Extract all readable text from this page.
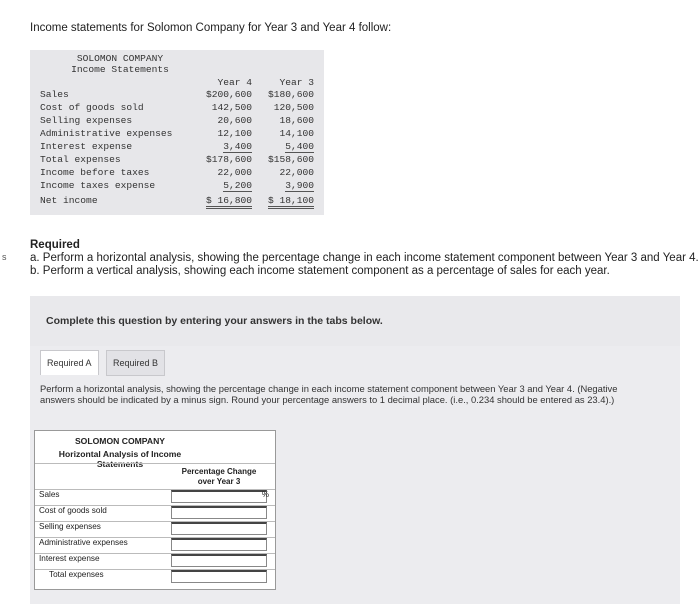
Income statements for Solomon Company for Year 3 and Year 4 follow:
SOLOMON COMPANY
Income Statements
Year 4	Year 3
Sales	$200,600 $180,600
Cost of goods sold	142,500 120,500
Selling expenses	20,600	18,600
Administrative expenses	12,100	14,100
Interest expense	3,400	5,400
Total expenses	$178,600 $158,600
Income before taxes	22,000	22,000
Income taxes expense	5,200	3,900
Net income	$ 16,800 $ 18,100
s
Required
a. Perform a horizontal analysis, showing the percentage change in each income statement component between Year 3 and Year 4.
b. Perform a vertical analysis, showing each income statement component as a percentage of sales for each year.
Complete this question by entering your answers in the tabs below.
Required A	Required B
Perform a horizontal analysis, showing the percentage change in each income statement component between Year 3 and Year 4. (Negative answers should be indicated by a minus sign. Round your percentage answers to 1 decimal place. (i.e., 0.234 should be entered as 23.4).)
SOLOMON COMPANY
Horizontal Analysis of Income Statements
Percentage Change
over Year 3
Sales	%
Cost of goods sold
Selling expenses
Administrative expenses
Interest expense
Total expenses
